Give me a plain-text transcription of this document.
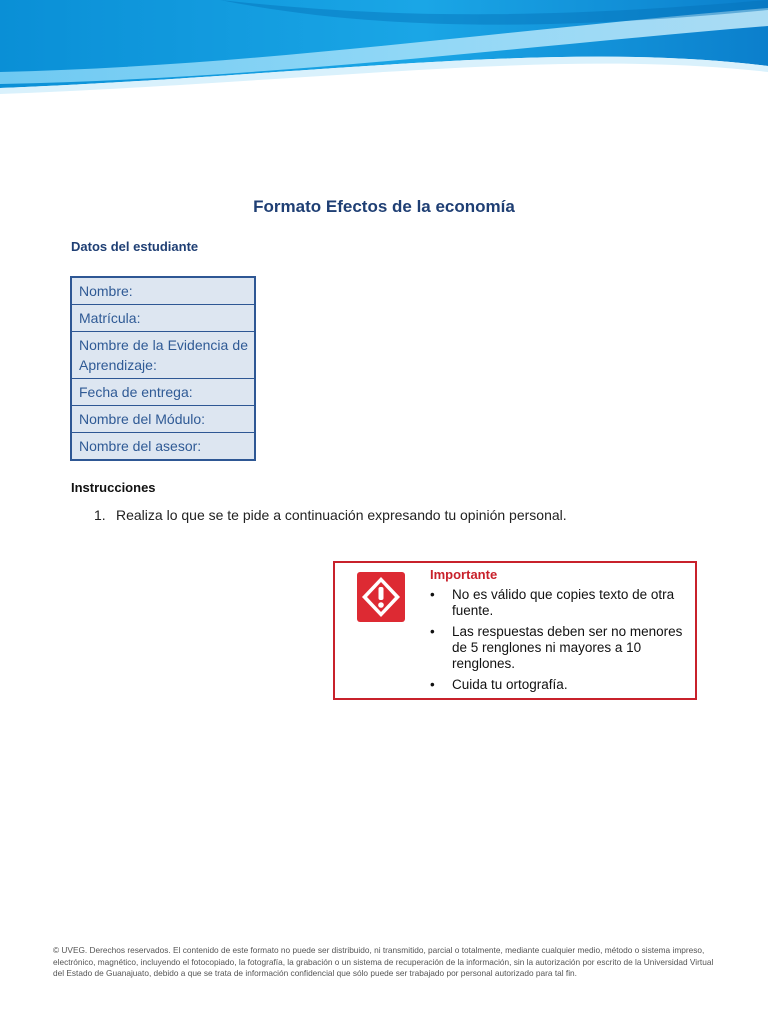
Formato Efectos de la economía
Datos del estudiante
Nombre:
Matrícula:
Nombre de la Evidencia de Aprendizaje:
Fecha de entrega:
Nombre del Módulo:
Nombre del asesor:
Instrucciones
1. Realiza lo que se te pide a continuación expresando tu opinión personal.

Importante

• No es válido que copies texto de otra fuente.
• Las respuestas deben ser no menores de 5 renglones ni mayores a 10 renglones.
• Cuida tu ortografía.

© UVEG. Derechos reservados. El contenido de este formato no puede ser distribuido, ni transmitido, parcial o totalmente, mediante cualquier medio, método o sistema impreso, electrónico, magnético, incluyendo el fotocopiado, la fotografía, la grabación o un sistema de recuperación de la información, sin la autorización por escrito de la Universidad Virtual del Estado de Guanajuato, debido a que se trata de información confidencial que sólo puede ser trabajado por personal autorizado para tal fin.
